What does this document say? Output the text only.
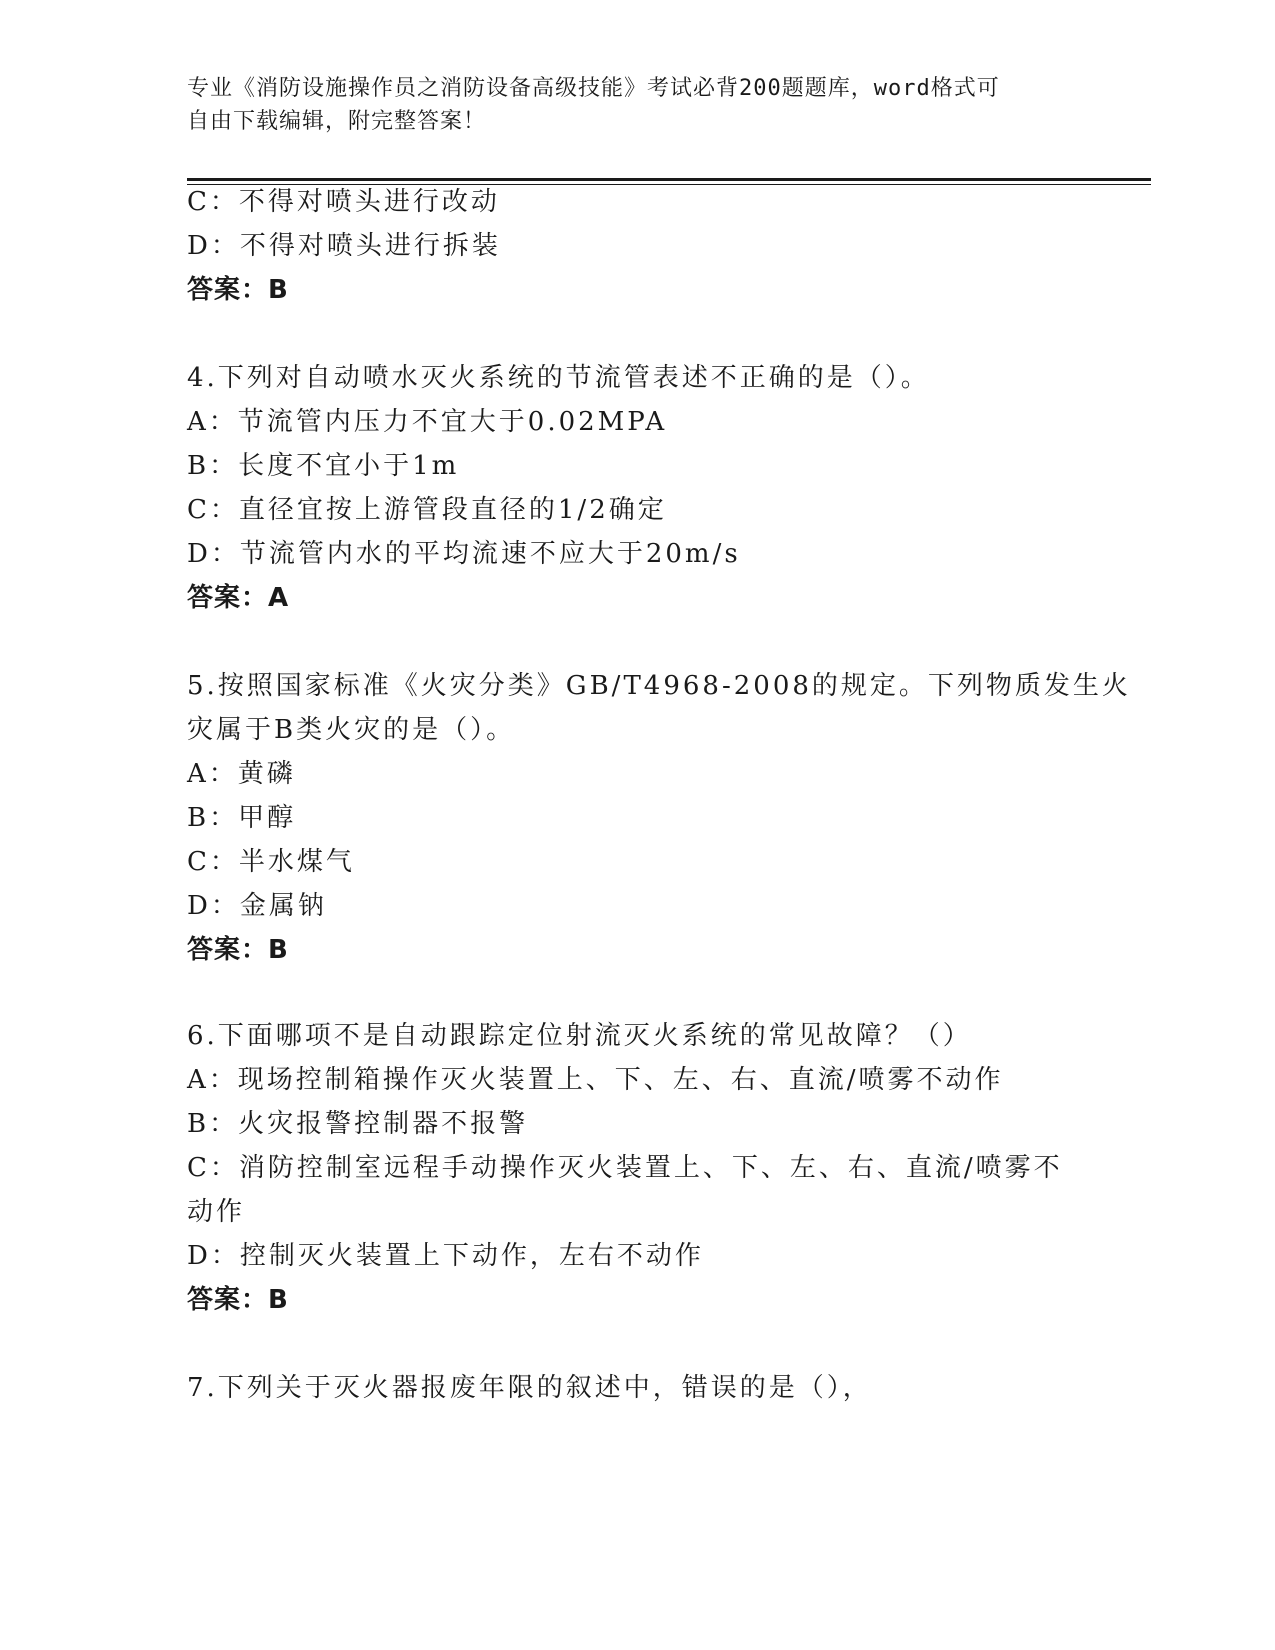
专业《消防设施操作员之消防设备高级技能》考试必背200题题库，word格式可
自由下载编辑，附完整答案！
C：不得对喷头进行改动
D：不得对喷头进行拆装
答案：B
4.下列对自动喷水灭火系统的节流管表述不正确的是（）。
A：节流管内压力不宜大于0.02MPA
B：长度不宜小于1m
C：直径宜按上游管段直径的1/2确定
D：节流管内水的平均流速不应大于20m/s
答案：A
5.按照国家标准《火灾分类》GB/T4968-2008的规定。下列物质发生火
灾属于B类火灾的是（）。
A：黄磷
B：甲醇
C：半水煤气
D：金属钠
答案：B
6.下面哪项不是自动跟踪定位射流灭火系统的常见故障？（）
A：现场控制箱操作灭火装置上、下、左、右、直流/喷雾不动作
B：火灾报警控制器不报警
C：消防控制室远程手动操作灭火装置上、下、左、右、直流/喷雾不
动作
D：控制灭火装置上下动作，左右不动作
答案：B
7.下列关于灭火器报废年限的叙述中，错误的是（），
